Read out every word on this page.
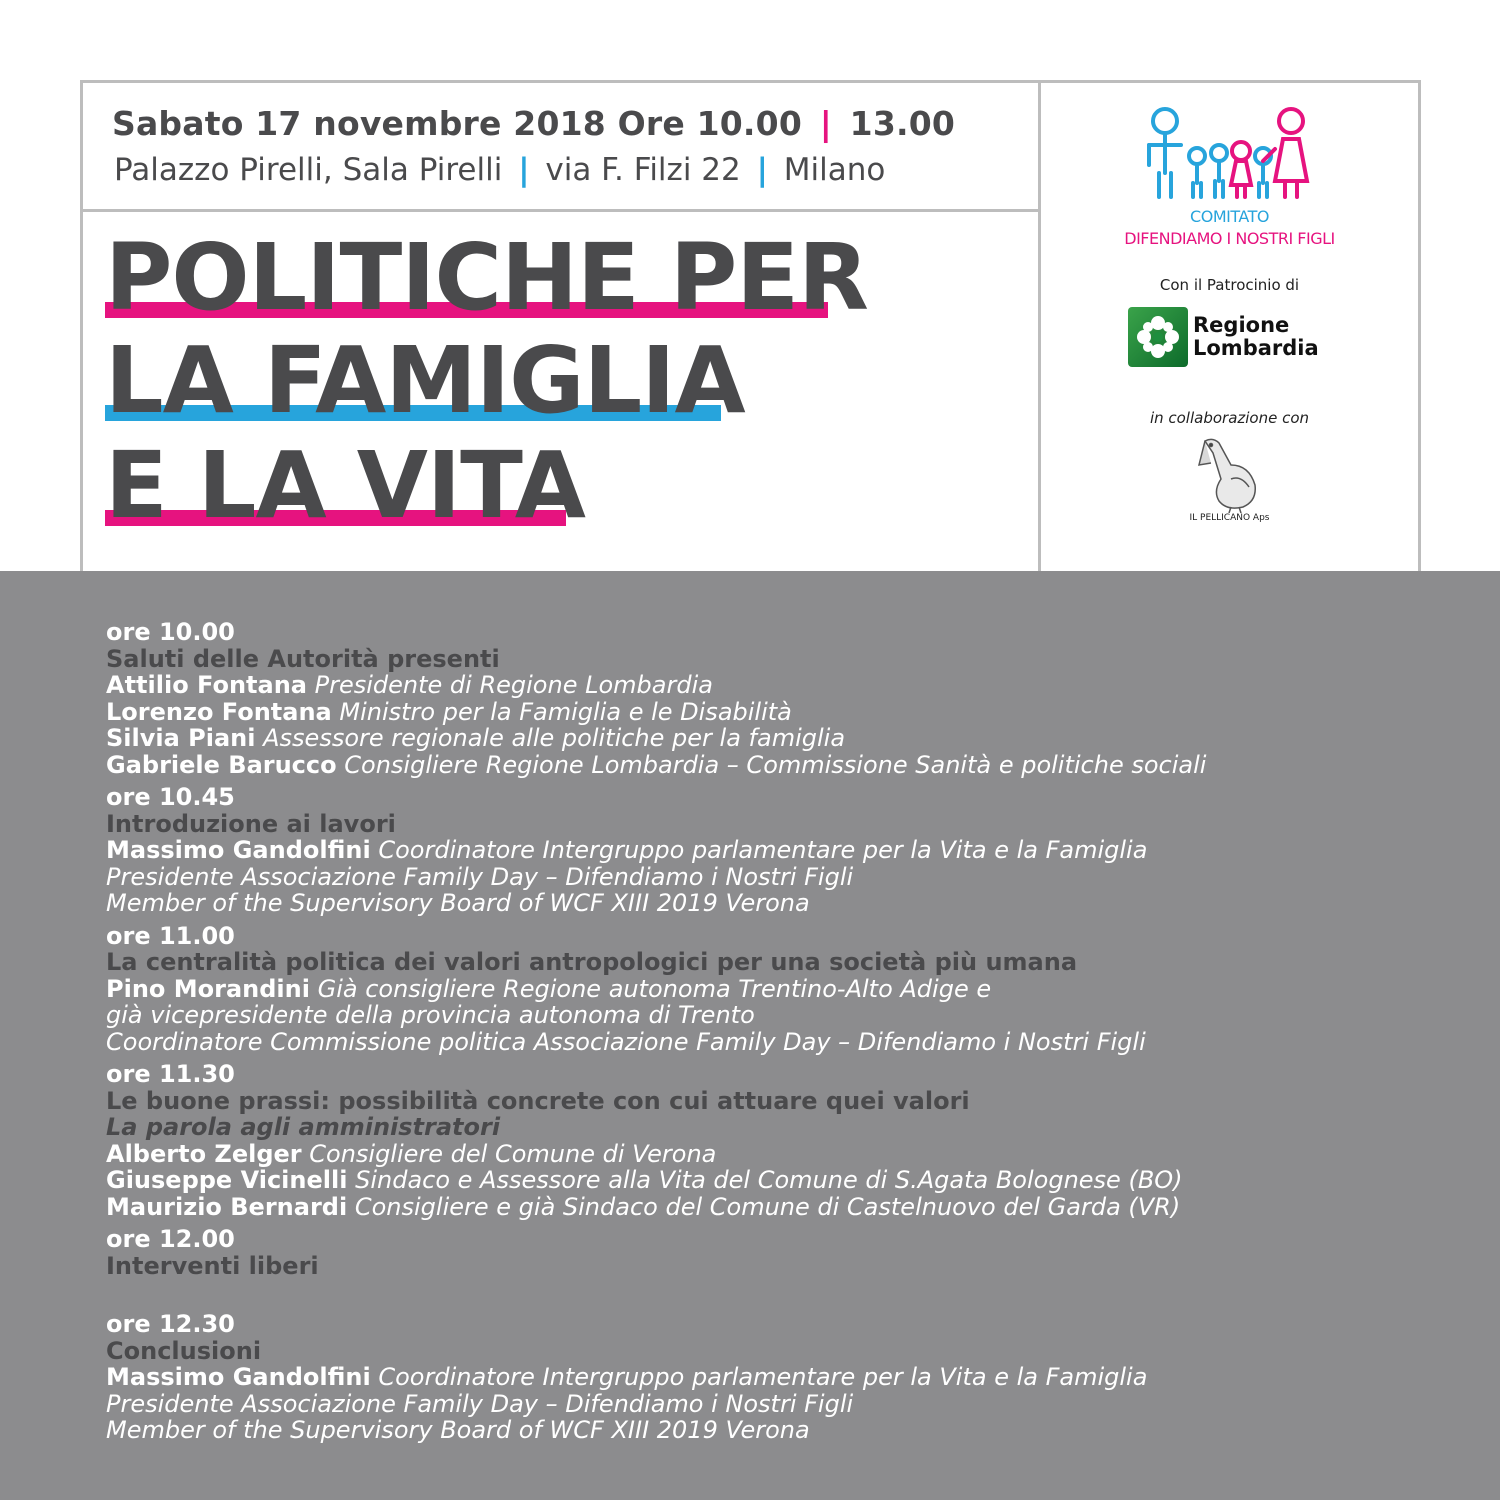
Sabato 17 novembre 2018 Ore 10.00 | 13.00
Palazzo Pirelli, Sala Pirelli | via F. Filzi 22 | Milano
POLITICHE PER
LA FAMIGLIA
E LA VITA
COMITATO
DIFENDIAMO I NOSTRI FIGLI
Con il Patrocinio di
Regione
Lombardia
in collaborazione con
IL PELLICANO Aps
ore 10.00
Saluti delle Autorità presenti
Attilio Fontana Presidente di Regione Lombardia
Lorenzo Fontana Ministro per la Famiglia e le Disabilità
Silvia Piani Assessore regionale alle politiche per la famiglia
Gabriele Barucco Consigliere Regione Lombardia – Commissione Sanità e politiche sociali
ore 10.45
Introduzione ai lavori
Massimo Gandolfini Coordinatore Intergruppo parlamentare per la Vita e la Famiglia
Presidente Associazione Family Day – Difendiamo i Nostri Figli
Member of the Supervisory Board of WCF XIII 2019 Verona
ore 11.00
La centralità politica dei valori antropologici per una società più umana
Pino Morandini Già consigliere Regione autonoma Trentino-Alto Adige e
già vicepresidente della provincia autonoma di Trento
Coordinatore Commissione politica Associazione Family Day – Difendiamo i Nostri Figli
ore 11.30
Le buone prassi: possibilità concrete con cui attuare quei valori
La parola agli amministratori
Alberto Zelger Consigliere del Comune di Verona
Giuseppe Vicinelli Sindaco e Assessore alla Vita del Comune di S.Agata Bolognese (BO)
Maurizio Bernardi Consigliere e già Sindaco del Comune di Castelnuovo del Garda (VR)
ore 12.00
Interventi liberi
ore 12.30
Conclusioni
Massimo Gandolfini Coordinatore Intergruppo parlamentare per la Vita e la Famiglia
Presidente Associazione Family Day – Difendiamo i Nostri Figli
Member of the Supervisory Board of WCF XIII 2019 Verona
